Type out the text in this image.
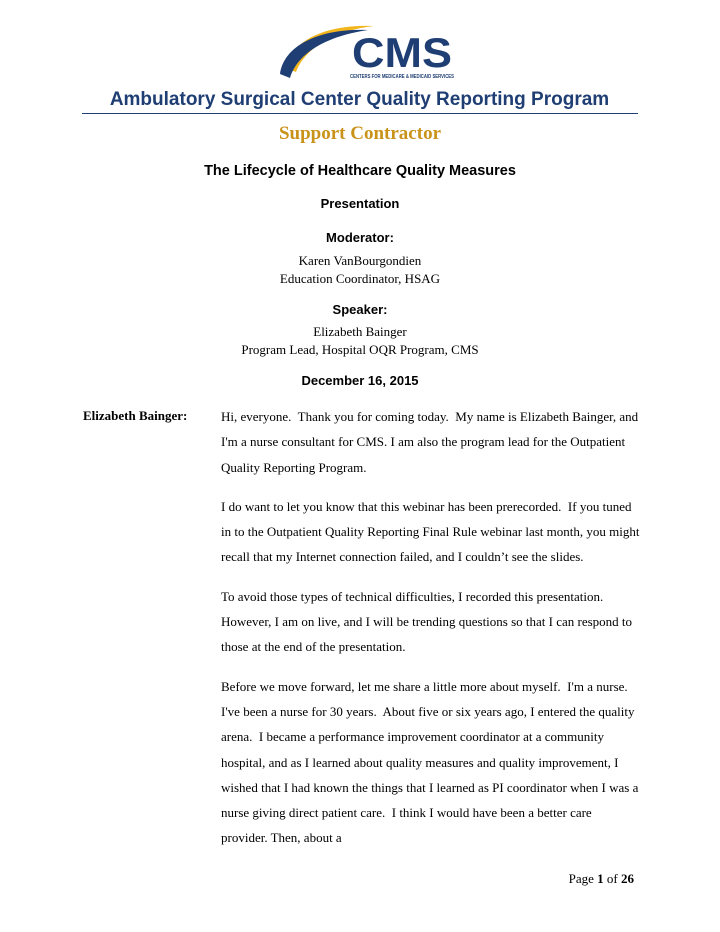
CMS
CENTERS FOR MEDICARE & MEDICAID SERVICES
Ambulatory Surgical Center Quality Reporting Program
Support Contractor
The Lifecycle of Healthcare Quality Measures
Presentation
Moderator:
Karen VanBourgondien
Education Coordinator, HSAG
Speaker:
Elizabeth Bainger
Program Lead, Hospital OQR Program, CMS
December 16, 2015
Elizabeth Bainger:	Hi, everyone.  Thank you for coming today.  My name is Elizabeth Bainger, and I'm a nurse consultant for CMS. I am also the program lead for the Outpatient Quality Reporting Program.

I do want to let you know that this webinar has been prerecorded.  If you tuned in to the Outpatient Quality Reporting Final Rule webinar last month, you might recall that my Internet connection failed, and I couldn’t see the slides.

To avoid those types of technical difficulties, I recorded this presentation.  However, I am on live, and I will be trending questions so that I can respond to those at the end of the presentation.

Before we move forward, let me share a little more about myself.  I'm a nurse.  I've been a nurse for 30 years.  About five or six years ago, I entered the quality arena.  I became a performance improvement coordinator at a community hospital, and as I learned about quality measures and quality improvement, I wished that I had known the things that I learned as PI coordinator when I was a nurse giving direct patient care.  I think I would have been a better care provider. Then, about a

Page 1 of 26
